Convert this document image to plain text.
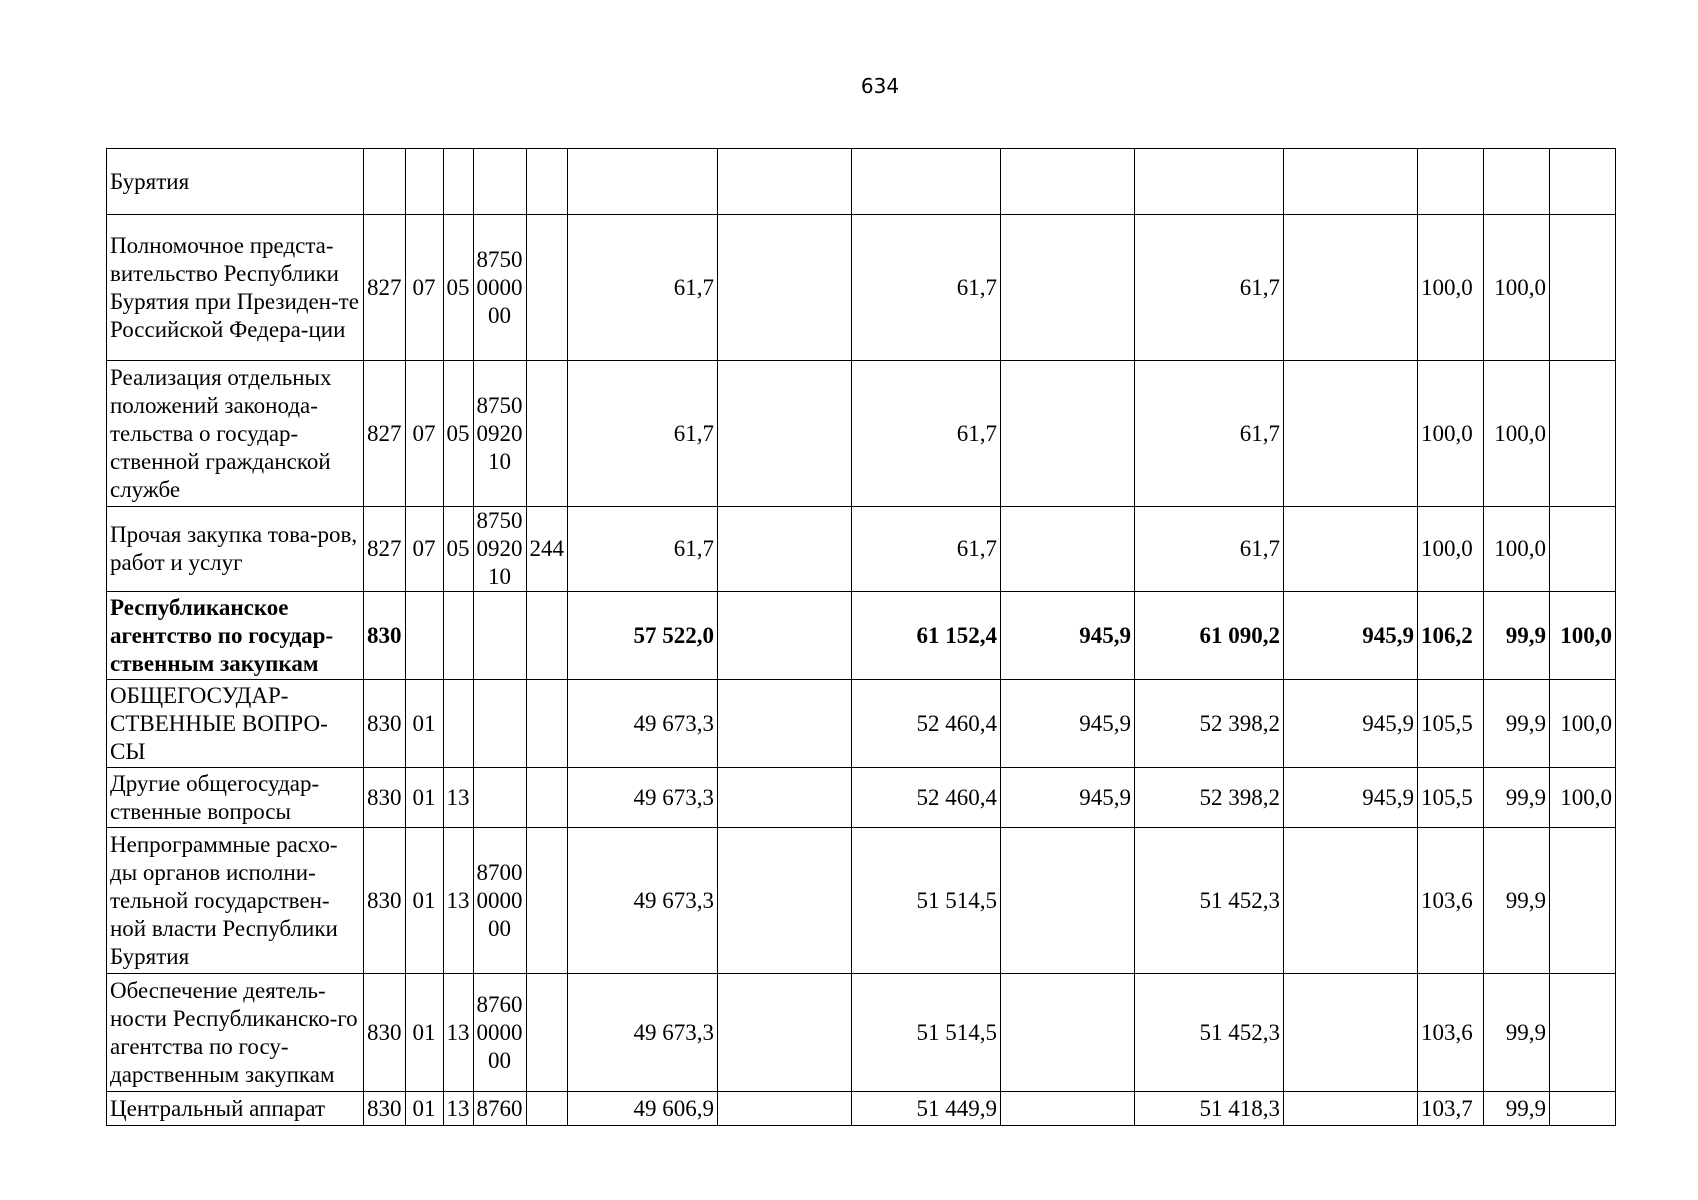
634
Бурятия														
Полномочное предста-вительство Республики Бурятия при Президен-те Российской Федера-ции	827	07	05	8750 0000 00		61,7		61,7		61,7		100,0	100,0	
Реализация отдельных положений законода-тельства о государ-ственной гражданской службе	827	07	05	8750 0920 10		61,7		61,7		61,7		100,0	100,0	
Прочая закупка това-ров, работ и услуг	827	07	05	8750 0920 10	244	61,7		61,7		61,7		100,0	100,0	
Республиканское агентство по государ-ственным закупкам	830					57 522,0		61 152,4	945,9	61 090,2	945,9	106,2	99,9	100,0
ОБЩЕГОСУДАР-СТВЕННЫЕ ВОПРО-СЫ	830	01				49 673,3		52 460,4	945,9	52 398,2	945,9	105,5	99,9	100,0
Другие общегосудар-ственные вопросы	830	01	13			49 673,3		52 460,4	945,9	52 398,2	945,9	105,5	99,9	100,0
Непрограммные расхо-ды органов исполни-тельной государствен-ной власти Республики Бурятия	830	01	13	8700 0000 00		49 673,3		51 514,5		51 452,3		103,6	99,9	
Обеспечение деятель-ности Республиканско-го агентства по госу-дарственным закупкам	830	01	13	8760 0000 00		49 673,3		51 514,5		51 452,3		103,6	99,9	
Центральный аппарат	830	01	13	8760		49 606,9		51 449,9		51 418,3		103,7	99,9	
